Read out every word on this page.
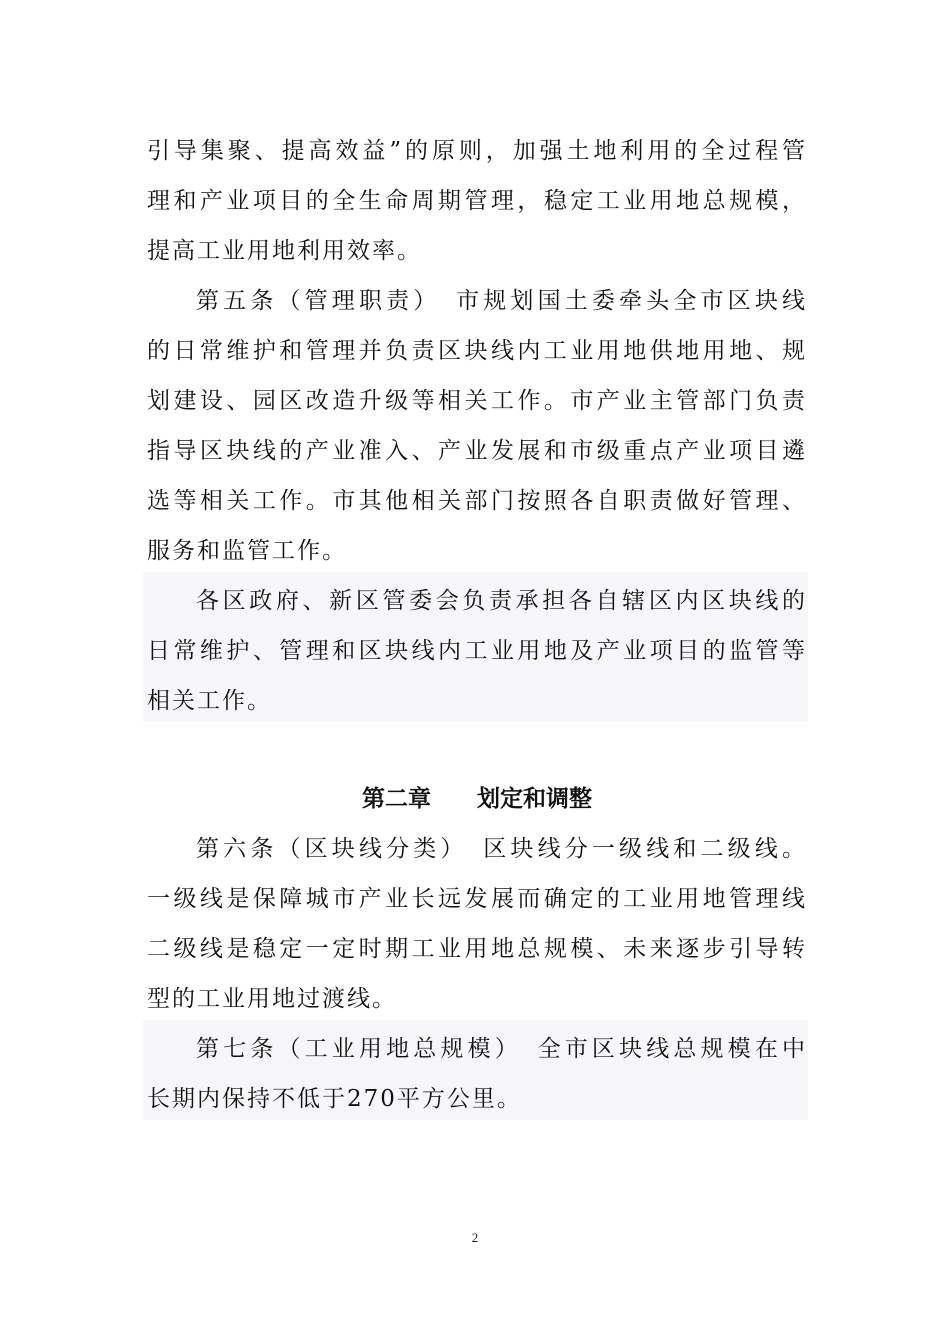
引导集聚、提高效益”的原则，加强土地利用的全过程管
理和产业项目的全生命周期管理，稳定工业用地总规模，
提高工业用地利用效率。
第五条（管理职责）　市规划国土委牵头全市区块线
的日常维护和管理并负责区块线内工业用地供地用地、规
划建设、园区改造升级等相关工作。市产业主管部门负责
指导区块线的产业准入、产业发展和市级重点产业项目遴
选等相关工作。市其他相关部门按照各自职责做好管理、
服务和监管工作。
各区政府、新区管委会负责承担各自辖区内区块线的
日常维护、管理和区块线内工业用地及产业项目的监管等
相关工作。
第二章　　划定和调整
第六条（区块线分类）　区块线分一级线和二级线。
一级线是保障城市产业长远发展而确定的工业用地管理线
二级线是稳定一定时期工业用地总规模、未来逐步引导转
型的工业用地过渡线。
第七条（工业用地总规模）　全市区块线总规模在中
长期内保持不低于270平方公里。
2
